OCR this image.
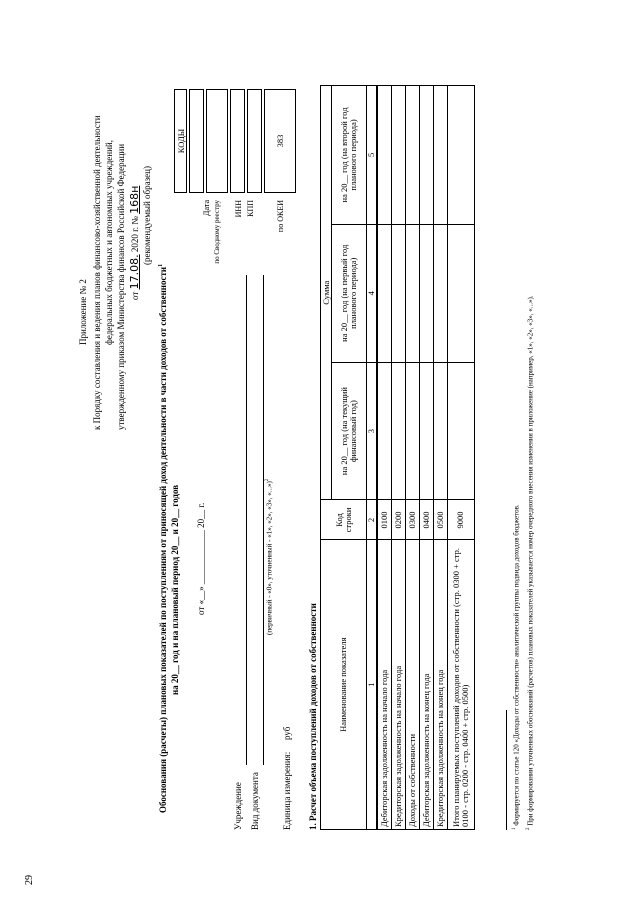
29
Приложение № 2 к Порядку составления и ведения планов финансово-хозяйственной деятельности федеральных бюджетных и автономных учреждений, утвержденному приказом Министерства финансов Российской Федерации от 17.08. 2020 г. № 168н (рекомендуемый образец)
Обоснования (расчеты) плановых показателей по поступлениям от приносящей доход деятельности в части доходов от собственности$^1$
на 20__ год и на плановый период 20__ и 20__ годов от «__» ____________ 20__ г.
Дата по Сводному реестру ИНН КПП	по ОКЕИ
КОДЫ

383
Учреждение Вид документа
(первичный - «0», уточненный - «1», «2», «3», «...»)$^2$
Единица измерения:
руб 1. Расчет объема поступлений доходов от собственности Наименование показателя	Код строки	Сумма		
		на 20__ год (на текущий финансовый год)	на 20__ год (на первый год планового периода)	на 20__ год (на второй год планового периода)
1	2	3	4	5
Дебиторская задолженность на начало года	0100			
Кредиторская задолженность на начало года	0200			
Доходы от собственности	0300			
Дебиторская задолженность на конец года	0400			
Кредиторская задолженность на конец года	0500			
Итого планируемых поступлений доходов от собственности (стр. 0300 + стр. 0100 - стр. 0200 - стр. 0400 + стр. 0500)	9000			
$^1$ Формируется по статье 120 «Доходы от собственности» аналитической группы подвида доходов бюджетов.
$^2$ При формировании уточненных обоснований (расчетов) плановых показателей указывается номер очередного внесения изменения в приложение (например, «1», «2», «3», «...»).
